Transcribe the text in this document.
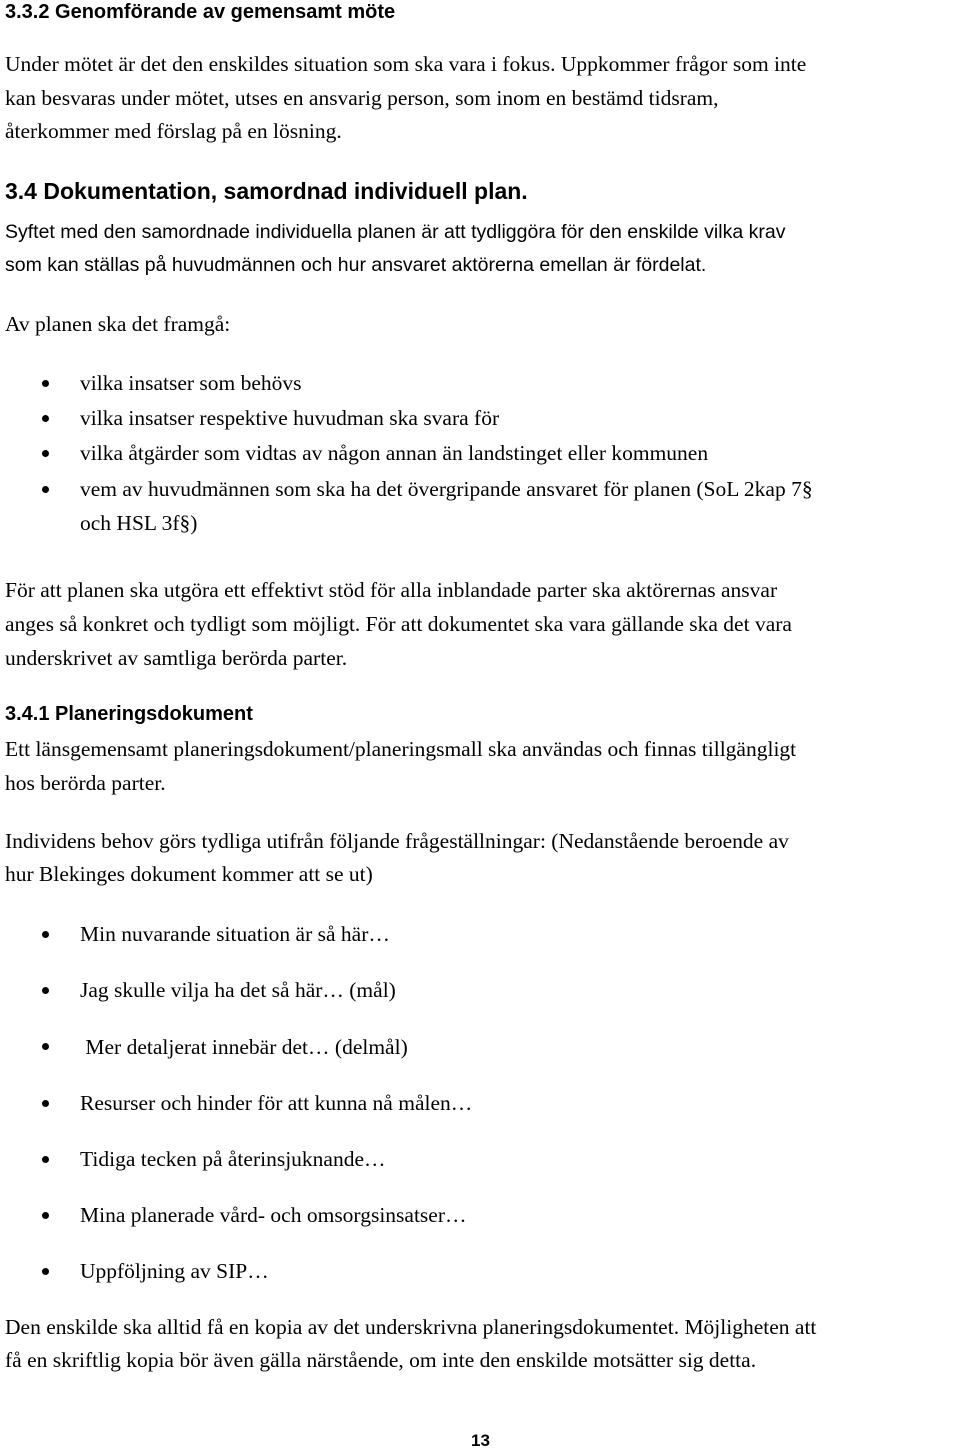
3.3.2 Genomförande av gemensamt möte
Under mötet är det den enskildes situation som ska vara i fokus. Uppkommer frågor som inte
kan besvaras under mötet, utses en ansvarig person, som inom en bestämd tidsram,
återkommer med förslag på en lösning.
3.4 Dokumentation, samordnad individuell plan.
Syftet med den samordnade individuella planen är att tydliggöra för den enskilde vilka krav
som kan ställas på huvudmännen och hur ansvaret aktörerna emellan är fördelat.
Av planen ska det framgå:
vilka insatser som behövs
vilka insatser respektive huvudman ska svara för
vilka åtgärder som vidtas av någon annan än landstinget eller kommunen
vem av huvudmännen som ska ha det övergripande ansvaret för planen (SoL 2kap 7§
och HSL 3f§)
För att planen ska utgöra ett effektivt stöd för alla inblandade parter ska aktörernas ansvar
anges så konkret och tydligt som möjligt. För att dokumentet ska vara gällande ska det vara
underskrivet av samtliga berörda parter.
3.4.1 Planeringsdokument
Ett länsgemensamt planeringsdokument/planeringsmall ska användas och finnas tillgängligt
hos berörda parter.
Individens behov görs tydliga utifrån följande frågeställningar: (Nedanstående beroende av
hur Blekinges dokument kommer att se ut)
Min nuvarande situation är så här…
Jag skulle vilja ha det så här… (mål)
Mer detaljerat innebär det… (delmål)
Resurser och hinder för att kunna nå målen…
Tidiga tecken på återinsjuknande…
Mina planerade vård- och omsorgsinsatser…
Uppföljning av SIP…
Den enskilde ska alltid få en kopia av det underskrivna planeringsdokumentet. Möjligheten att
få en skriftlig kopia bör även gälla närstående, om inte den enskilde motsätter sig detta.
13
